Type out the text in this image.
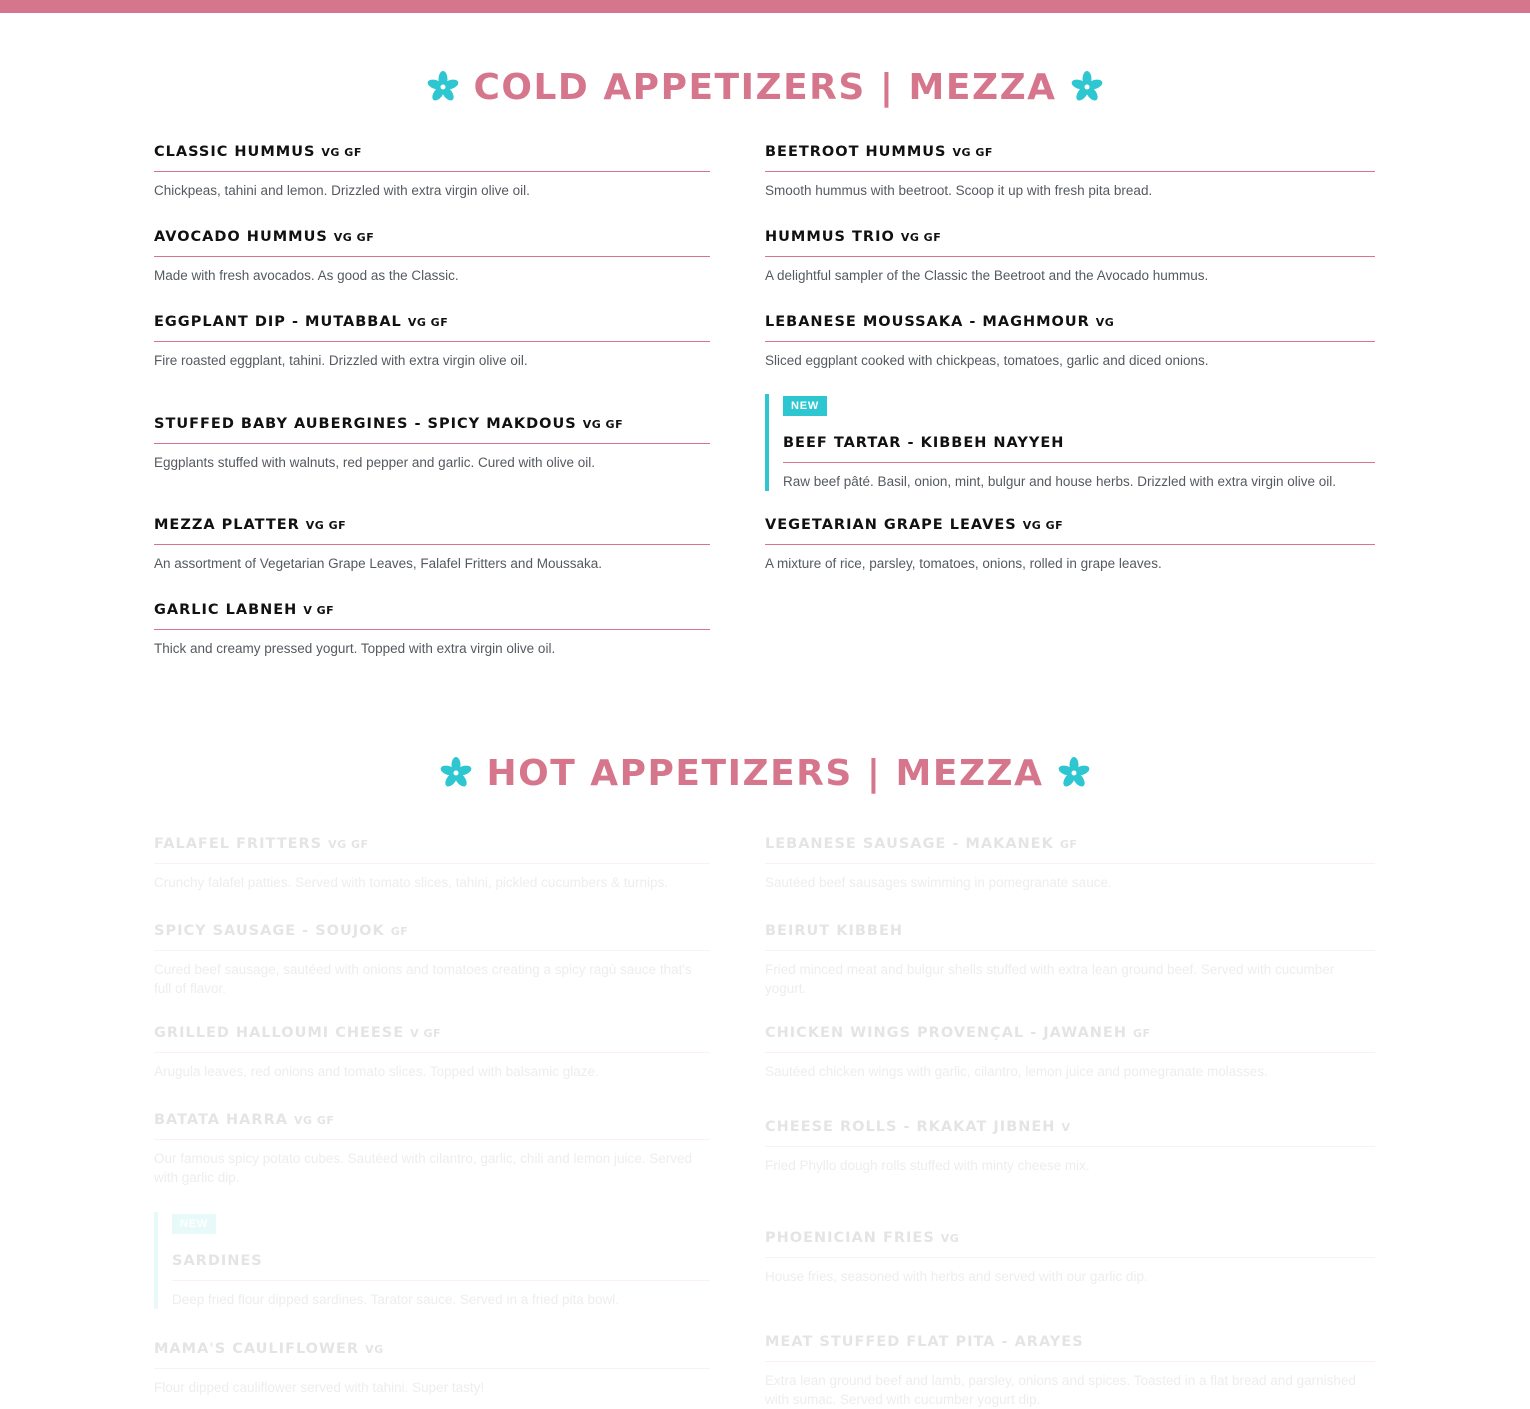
COLD APPETIZERS | MEZZA
CLASSIC HUMMUS VG GF
Chickpeas, tahini and lemon. Drizzled with extra virgin olive oil.
BEETROOT HUMMUS VG GF
Smooth hummus with beetroot. Scoop it up with fresh pita bread.
AVOCADO HUMMUS VG GF
Made with fresh avocados. As good as the Classic.
HUMMUS TRIO VG GF
A delightful sampler of the Classic the Beetroot and the Avocado hummus.
EGGPLANT DIP - MUTABBAL VG GF
Fire roasted eggplant, tahini. Drizzled with extra virgin olive oil.
LEBANESE MOUSSAKA - MAGHMOUR VG
Sliced eggplant cooked with chickpeas, tomatoes, garlic and diced onions.
STUFFED BABY AUBERGINES - SPICY MAKDOUS VG GF
Eggplants stuffed with walnuts, red pepper and garlic. Cured with olive oil.
NEW
BEEF TARTAR - KIBBEH NAYYEH
Raw beef pâté. Basil, onion, mint, bulgur and house herbs. Drizzled with extra virgin olive oil.
MEZZA PLATTER VG GF
An assortment of Vegetarian Grape Leaves, Falafel Fritters and Moussaka.
VEGETARIAN GRAPE LEAVES VG GF
A mixture of rice, parsley, tomatoes, onions, rolled in grape leaves.
GARLIC LABNEH V GF
Thick and creamy pressed yogurt. Topped with extra virgin olive oil.
HOT APPETIZERS | MEZZA
FALAFEL FRITTERS VG GF
Crunchy falafel patties. Served with tomato slices, tahini, pickled cucumbers & turnips.
LEBANESE SAUSAGE - MAKANEK GF
Sautéed beef sausages swimming in pomegranate sauce.
SPICY SAUSAGE - SOUJOK GF
Cured beef sausage, sautéed with onions and tomatoes creating a spicy ragù sauce that's full of flavor.
BEIRUT KIBBEH
Fried minced meat and bulgur shells stuffed with extra lean ground beef. Served with cucumber yogurt.
GRILLED HALLOUMI CHEESE V GF
Arugula leaves, red onions and tomato slices. Topped with balsamic glaze.
CHICKEN WINGS PROVENÇAL - JAWANEH GF
Sautéed chicken wings with garlic, cilantro, lemon juice and pomegranate molasses.
BATATA HARRA VG GF
Our famous spicy potato cubes. Sautéed with cilantro, garlic, chili and lemon juice. Served with garlic dip.
CHEESE ROLLS - RKAKAT JIBNEH V
Fried Phyllo dough rolls stuffed with minty cheese mix.
NEW
SARDINES
Deep fried flour dipped sardines. Tarator sauce. Served in a fried pita bowl.
PHOENICIAN FRIES VG
House fries, seasoned with herbs and served with our garlic dip.
MAMA'S CAULIFLOWER VG
Flour dipped cauliflower served with tahini. Super tasty!
MEAT STUFFED FLAT PITA - ARAYES
Extra lean ground beef and lamb, parsley, onions and spices. Toasted in a flat bread and garnished with sumac. Served with cucumber yogurt dip.
